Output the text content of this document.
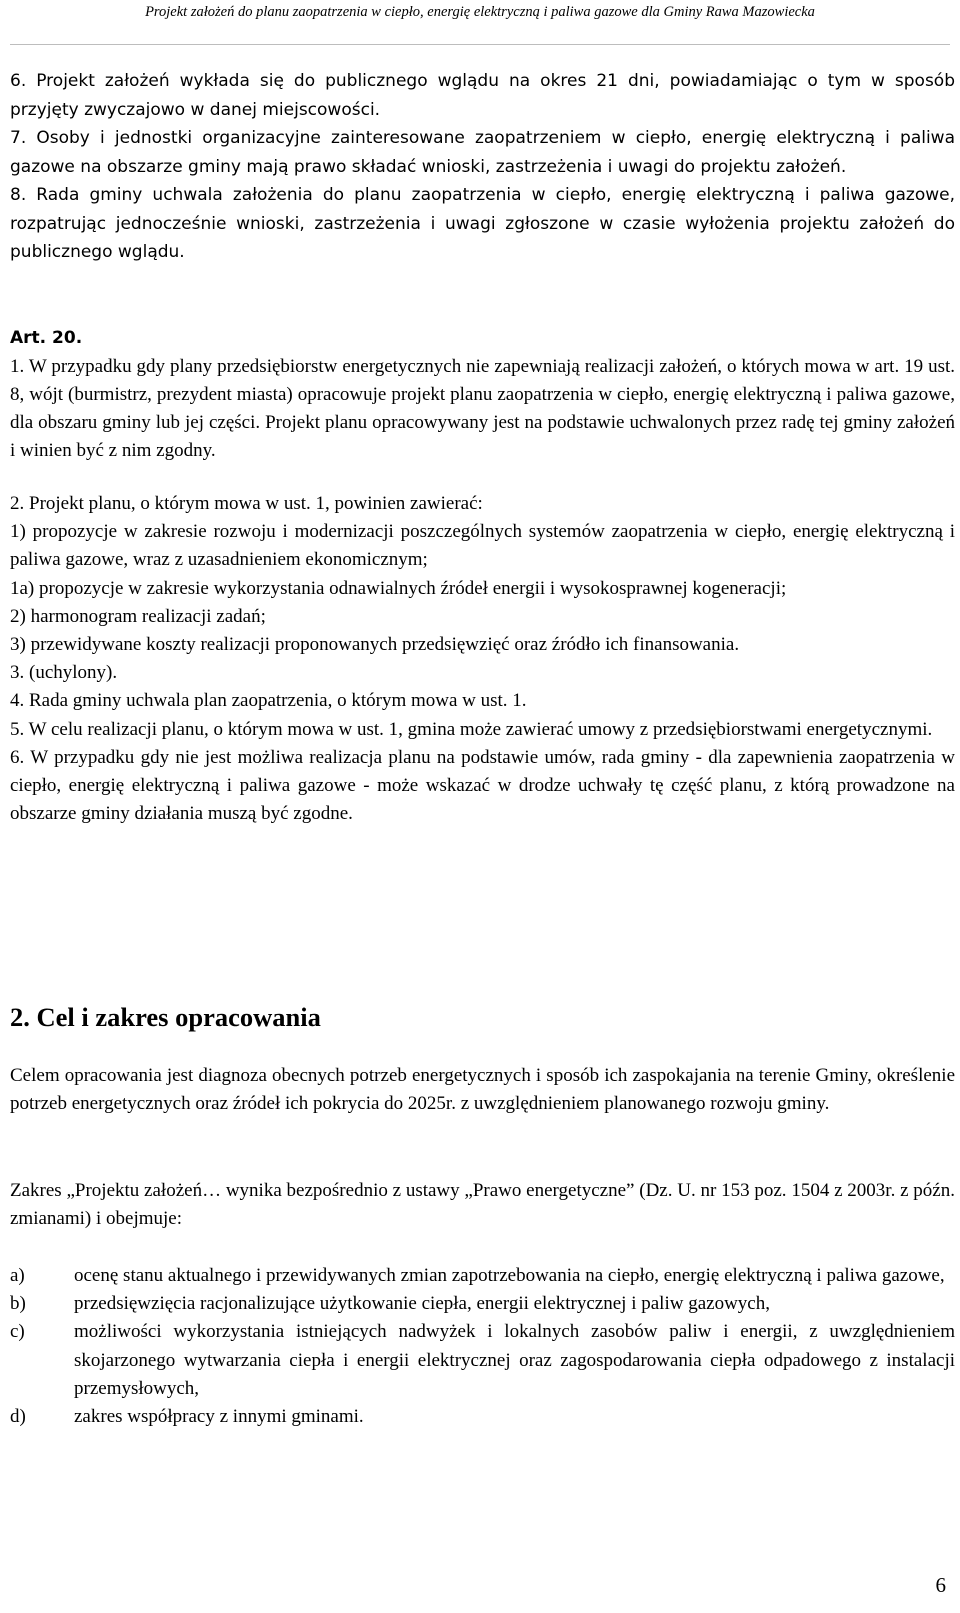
Projekt założeń do planu zaopatrzenia w ciepło, energię elektryczną i paliwa gazowe dla Gminy Rawa Mazowiecka

6. Projekt założeń wykłada się do publicznego wglądu na okres 21 dni, powiadamiając o tym w sposób przyjęty zwyczajowo w danej miejscowości.

7. Osoby i jednostki organizacyjne zainteresowane zaopatrzeniem w ciepło, energię elektryczną i paliwa gazowe na obszarze gminy mają prawo składać wnioski, zastrzeżenia i uwagi do projektu założeń.

8. Rada gminy uchwala założenia do planu zaopatrzenia w ciepło, energię elektryczną i paliwa gazowe, rozpatrując jednocześnie wnioski, zastrzeżenia i uwagi zgłoszone w czasie wyłożenia projektu założeń do publicznego wglądu.

Art. 20.

1. W przypadku gdy plany przedsiębiorstw energetycznych nie zapewniają realizacji założeń, o których mowa w art. 19 ust. 8, wójt (burmistrz, prezydent miasta) opracowuje projekt planu zaopatrzenia w ciepło, energię elektryczną i paliwa gazowe, dla obszaru gminy lub jej części. Projekt planu opracowywany jest na podstawie uchwalonych przez radę tej gminy założeń i winien być z nim zgodny.

2. Projekt planu, o którym mowa w ust. 1, powinien zawierać:

1) propozycje w zakresie rozwoju i modernizacji poszczególnych systemów zaopatrzenia w ciepło, energię elektryczną i paliwa gazowe, wraz z uzasadnieniem ekonomicznym;

1a) propozycje w zakresie wykorzystania odnawialnych źródeł energii i wysokosprawnej kogeneracji;

2) harmonogram realizacji zadań;

3) przewidywane koszty realizacji proponowanych przedsięwzięć oraz źródło ich finansowania.

3. (uchylony).

4. Rada gminy uchwala plan zaopatrzenia, o którym mowa w ust. 1.

5. W celu realizacji planu, o którym mowa w ust. 1, gmina może zawierać umowy z przedsiębiorstwami energetycznymi.

6. W przypadku gdy nie jest możliwa realizacja planu na podstawie umów, rada gminy - dla zapewnienia zaopatrzenia w ciepło, energię elektryczną i paliwa gazowe - może wskazać w drodze uchwały tę część planu, z którą prowadzone na obszarze gminy działania muszą być zgodne.

2. Cel i zakres opracowania

Celem opracowania jest diagnoza obecnych potrzeb energetycznych i sposób ich zaspokajania na terenie Gminy, określenie potrzeb energetycznych oraz źródeł ich pokrycia do 2025r. z uwzględnieniem planowanego rozwoju gminy.

Zakres „Projektu założeń… wynika bezpośrednio z ustawy „Prawo energetyczne” (Dz. U. nr 153 poz. 1504 z 2003r. z późn. zmianami) i obejmuje:

a)	ocenę stanu aktualnego i przewidywanych zmian zapotrzebowania na ciepło, energię elektryczną i paliwa gazowe,
b)	przedsięwzięcia racjonalizujące użytkowanie ciepła, energii elektrycznej i paliw gazowych,
c)	możliwości wykorzystania istniejących nadwyżek i lokalnych zasobów paliw i energii, z uwzględnieniem skojarzonego wytwarzania ciepła i energii elektrycznej oraz zagospodarowania ciepła odpadowego z instalacji przemysłowych,
d)	zakres współpracy z innymi gminami.
6
